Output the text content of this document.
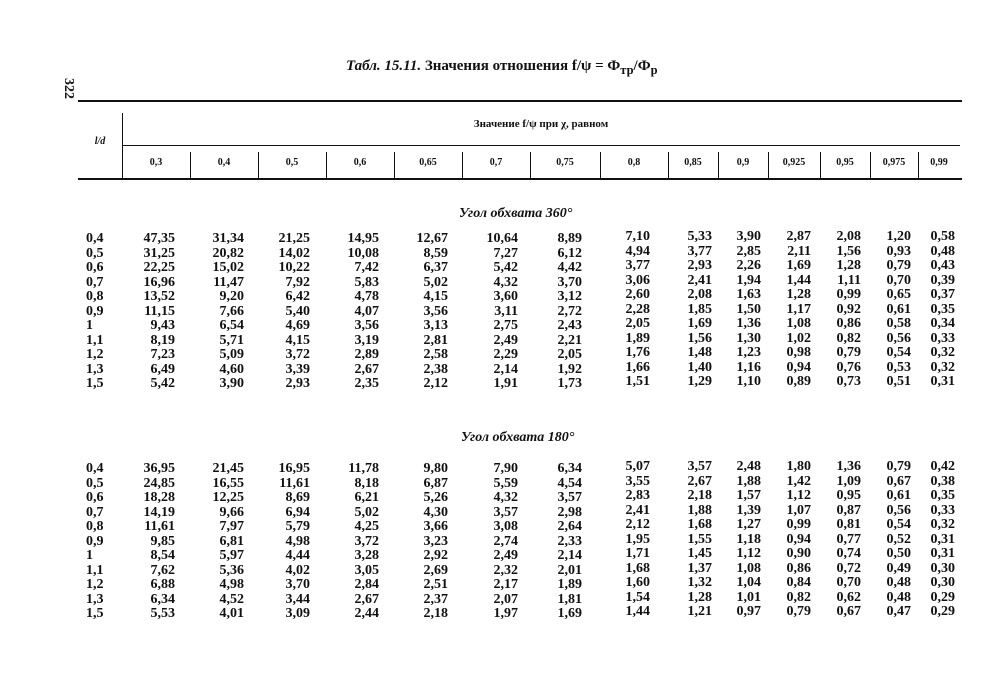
322
Табл. 15.11. Значения отношения $f/\psi = Ф_{тр}/Ф_р$
l/d
Значение f/ψ при χ, равном
0,3	0,4	0,5	0,6	0,65	0,7	0,75	0,8	0,85	0,9	0,925	0,95	0,975	0,99
Угол обхвата 360°
0,4	47,35	31,34	21,25	14,95	12,67	10,64	8,89	7,10	5,33	3,90	2,87	2,08	1,20	0,58
0,5	31,25	20,82	14,02	10,08	8,59	7,27	6,12	4,94	3,77	2,85	2,11	1,56	0,93	0,48
0,6	22,25	15,02	10,22	7,42	6,37	5,42	4,42	3,77	2,93	2,26	1,69	1,28	0,79	0,43
0,7	16,96	11,47	7,92	5,83	5,02	4,32	3,70	3,06	2,41	1,94	1,44	1,11	0,70	0,39
0,8	13,52	9,20	6,42	4,78	4,15	3,60	3,12	2,60	2,08	1,63	1,28	0,99	0,65	0,37
0,9	11,15	7,66	5,40	4,07	3,56	3,11	2,72	2,28	1,85	1,50	1,17	0,92	0,61	0,35
1	9,43	6,54	4,69	3,56	3,13	2,75	2,43	2,05	1,69	1,36	1,08	0,86	0,58	0,34
1,1	8,19	5,71	4,15	3,19	2,81	2,49	2,21	1,89	1,56	1,30	1,02	0,82	0,56	0,33
1,2	7,23	5,09	3,72	2,89	2,58	2,29	2,05	1,76	1,48	1,23	0,98	0,79	0,54	0,32
1,3	6,49	4,60	3,39	2,67	2,38	2,14	1,92	1,66	1,40	1,16	0,94	0,76	0,53	0,32
1,5	5,42	3,90	2,93	2,35	2,12	1,91	1,73	1,51	1,29	1,10	0,89	0,73	0,51	0,31
Угол обхвата 180°
0,4	36,95	21,45	16,95	11,78	9,80	7,90	6,34	5,07	3,57	2,48	1,80	1,36	0,79	0,42
0,5	24,85	16,55	11,61	8,18	6,87	5,59	4,54	3,55	2,67	1,88	1,42	1,09	0,67	0,38
0,6	18,28	12,25	8,69	6,21	5,26	4,32	3,57	2,83	2,18	1,57	1,12	0,95	0,61	0,35
0,7	14,19	9,66	6,94	5,02	4,30	3,57	2,98	2,41	1,88	1,39	1,07	0,87	0,56	0,33
0,8	11,61	7,97	5,79	4,25	3,66	3,08	2,64	2,12	1,68	1,27	0,99	0,81	0,54	0,32
0,9	9,85	6,81	4,98	3,72	3,23	2,74	2,33	1,95	1,55	1,18	0,94	0,77	0,52	0,31
1	8,54	5,97	4,44	3,28	2,92	2,49	2,14	1,71	1,45	1,12	0,90	0,74	0,50	0,31
1,1	7,62	5,36	4,02	3,05	2,69	2,32	2,01	1,68	1,37	1,08	0,86	0,72	0,49	0,30
1,2	6,88	4,98	3,70	2,84	2,51	2,17	1,89	1,60	1,32	1,04	0,84	0,70	0,48	0,30
1,3	6,34	4,52	3,44	2,67	2,37	2,07	1,81	1,54	1,28	1,01	0,82	0,62	0,48	0,29
1,5	5,53	4,01	3,09	2,44	2,18	1,97	1,69	1,44	1,21	0,97	0,79	0,67	0,47	0,29
